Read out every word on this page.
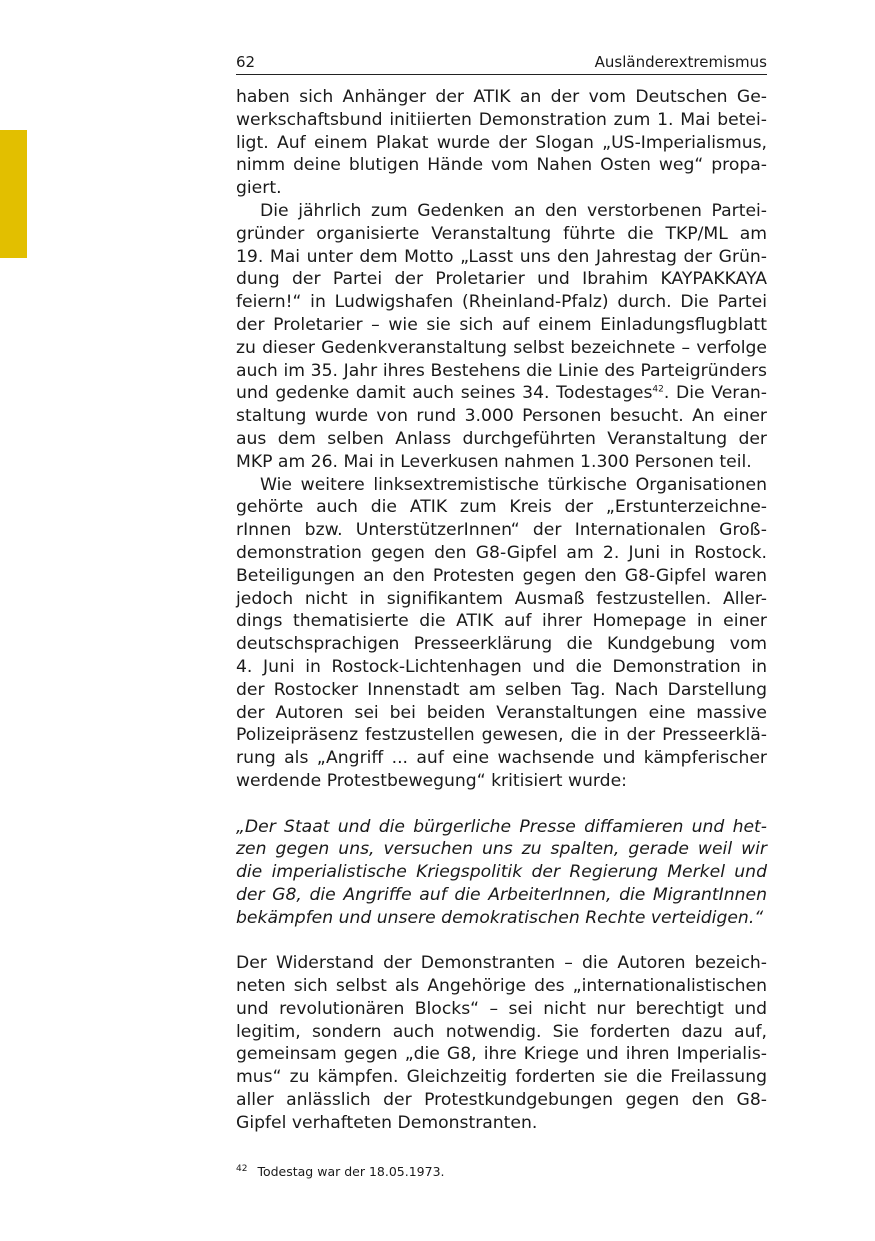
62	Ausländerextremismus
haben sich Anhänger der ATIK an der vom Deutschen Ge-
werkschaftsbund initiierten Demonstration zum 1. Mai betei-
ligt. Auf einem Plakat wurde der Slogan „US-Imperialismus,
nimm deine blutigen Hände vom Nahen Osten weg“ propa-
giert.
Die jährlich zum Gedenken an den verstorbenen Partei-
gründer organisierte Veranstaltung führte die TKP/ML am
19. Mai unter dem Motto „Lasst uns den Jahrestag der Grün-
dung der Partei der Proletarier und Ibrahim KAYPAKKAYA
feiern!“ in Ludwigshafen (Rheinland-Pfalz) durch. Die Partei
der Proletarier – wie sie sich auf einem Einladungsflugblatt
zu dieser Gedenkveranstaltung selbst bezeichnete – verfolge
auch im 35. Jahr ihres Bestehens die Linie des Parteigründers
und gedenke damit auch seines 34. Todestages$^{42}$. Die Veran-
staltung wurde von rund 3.000 Personen besucht. An einer
aus dem selben Anlass durchgeführten Veranstaltung der
MKP am 26. Mai in Leverkusen nahmen 1.300 Personen teil.
Wie weitere linksextremistische türkische Organisationen
gehörte auch die ATIK zum Kreis der „Erstunterzeichne-
rInnen bzw. UnterstützerInnen“ der Internationalen Groß-
demonstration gegen den G8-Gipfel am 2. Juni in Rostock.
Beteiligungen an den Protesten gegen den G8-Gipfel waren
jedoch nicht in signifikantem Ausmaß festzustellen. Aller-
dings thematisierte die ATIK auf ihrer Homepage in einer
deutschsprachigen Presseerklärung die Kundgebung vom
4. Juni in Rostock-Lichtenhagen und die Demonstration in
der Rostocker Innenstadt am selben Tag. Nach Darstellung
der Autoren sei bei beiden Veranstaltungen eine massive
Polizeipräsenz festzustellen gewesen, die in der Presseerklä-
rung als „Angriff ... auf eine wachsende und kämpferischer
werdende Protestbewegung“ kritisiert wurde:
„Der Staat und die bürgerliche Presse diffamieren und het-
zen gegen uns, versuchen uns zu spalten, gerade weil wir
die imperialistische Kriegspolitik der Regierung Merkel und
der G8, die Angriffe auf die ArbeiterInnen, die MigrantInnen
bekämpfen und unsere demokratischen Rechte verteidigen.“
Der Widerstand der Demonstranten – die Autoren bezeich-
neten sich selbst als Angehörige des „internationalistischen
und revolutionären Blocks“ – sei nicht nur berechtigt und
legitim, sondern auch notwendig. Sie forderten dazu auf,
gemeinsam gegen „die G8, ihre Kriege und ihren Imperialis-
mus“ zu kämpfen. Gleichzeitig forderten sie die Freilassung
aller anlässlich der Protestkundgebungen gegen den G8-
Gipfel verhafteten Demonstranten.
$^{42}$ Todestag war der 18.05.1973.
